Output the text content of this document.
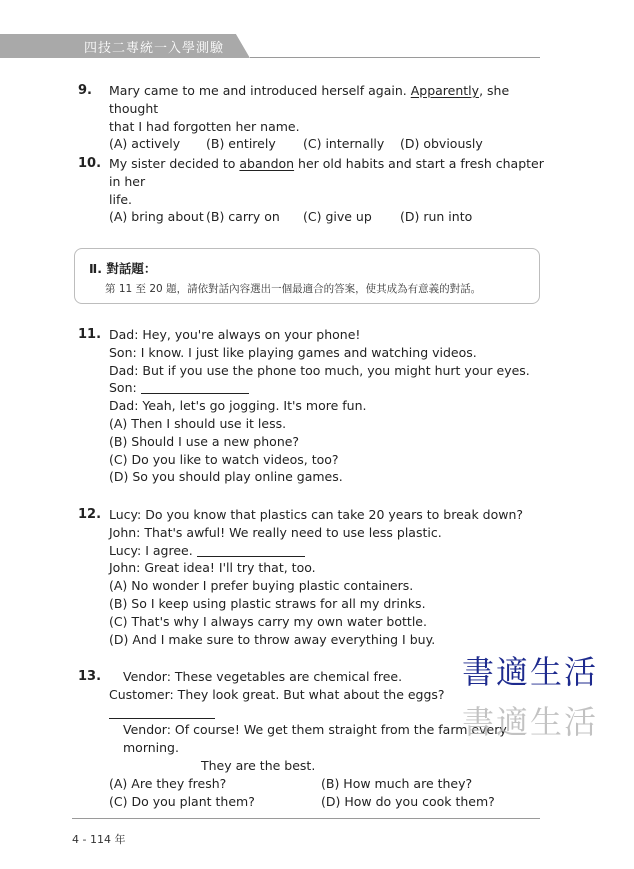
四技二專統一入學測驗
9. Mary came to me and introduced herself again. Apparently, she thought
that I had forgotten her name.
(A) actively	(B) entirely	(C) internally	(D) obviously
10. My sister decided to abandon her old habits and start a fresh chapter in her
life.
(A) bring about (B) carry on	(C) give up	(D) run into
Ⅱ. 對話題：
第 11 至 20 題，請依對話內容選出一個最適合的答案，使其成為有意義的對話。
11. Dad: Hey, you're always on your phone!
Son: I know. I just like playing games and watching videos.
Dad: But if you use the phone too much, you might hurt your eyes.
Son:
Dad: Yeah, let's go jogging. It's more fun.
(A) Then I should use it less.
(B) Should I use a new phone?
(C) Do you like to watch videos, too?
(D) So you should play online games.
12. Lucy: Do you know that plastics can take 20 years to break down?
John: That's awful! We really need to use less plastic.
Lucy: I agree.
John: Great idea! I'll try that, too.
(A) No wonder I prefer buying plastic containers.
(B) So I keep using plastic straws for all my drinks.
(C) That's why I always carry my own water bottle.
(D) And I make sure to throw away everything I buy.
13.	Vendor: These vegetables are chemical free.
Customer: They look great. But what about the eggs?
Vendor: Of course! We get them straight from the farm every morning.
They are the best.
(A) Are they fresh?	(B) How much are they?
(C) Do you plant them?	(D) How do you cook them?
書適生活
書適生活
4 - 114 年
